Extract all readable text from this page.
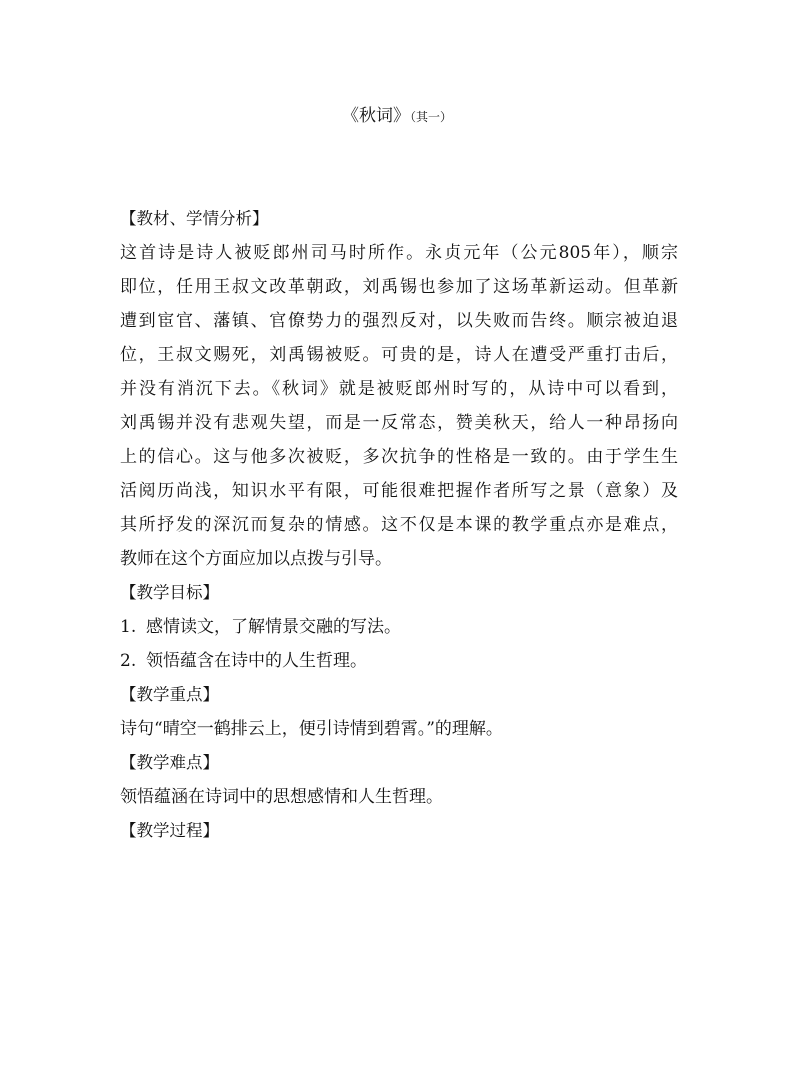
《秋词》（其一）
【教材、学情分析】
这首诗是诗人被贬郎州司马时所作。永贞元年（公元805年），顺宗
即位，任用王叔文改革朝政，刘禹锡也参加了这场革新运动。但革新
遭到宦官、藩镇、官僚势力的强烈反对，以失败而告终。顺宗被迫退
位，王叔文赐死，刘禹锡被贬。可贵的是，诗人在遭受严重打击后，
并没有消沉下去。《秋词》就是被贬郎州时写的，从诗中可以看到，
刘禹锡并没有悲观失望，而是一反常态，赞美秋天，给人一种昂扬向
上的信心。这与他多次被贬，多次抗争的性格是一致的。由于学生生
活阅历尚浅，知识水平有限，可能很难把握作者所写之景（意象）及
其所抒发的深沉而复杂的情感。这不仅是本课的教学重点亦是难点，
教师在这个方面应加以点拨与引导。
【教学目标】
1. 感情读文，了解情景交融的写法。
2. 领悟蕴含在诗中的人生哲理。
【教学重点】
诗句“晴空一鹤排云上，便引诗情到碧霄。”的理解。
【教学难点】
领悟蕴涵在诗词中的思想感情和人生哲理。
【教学过程】
